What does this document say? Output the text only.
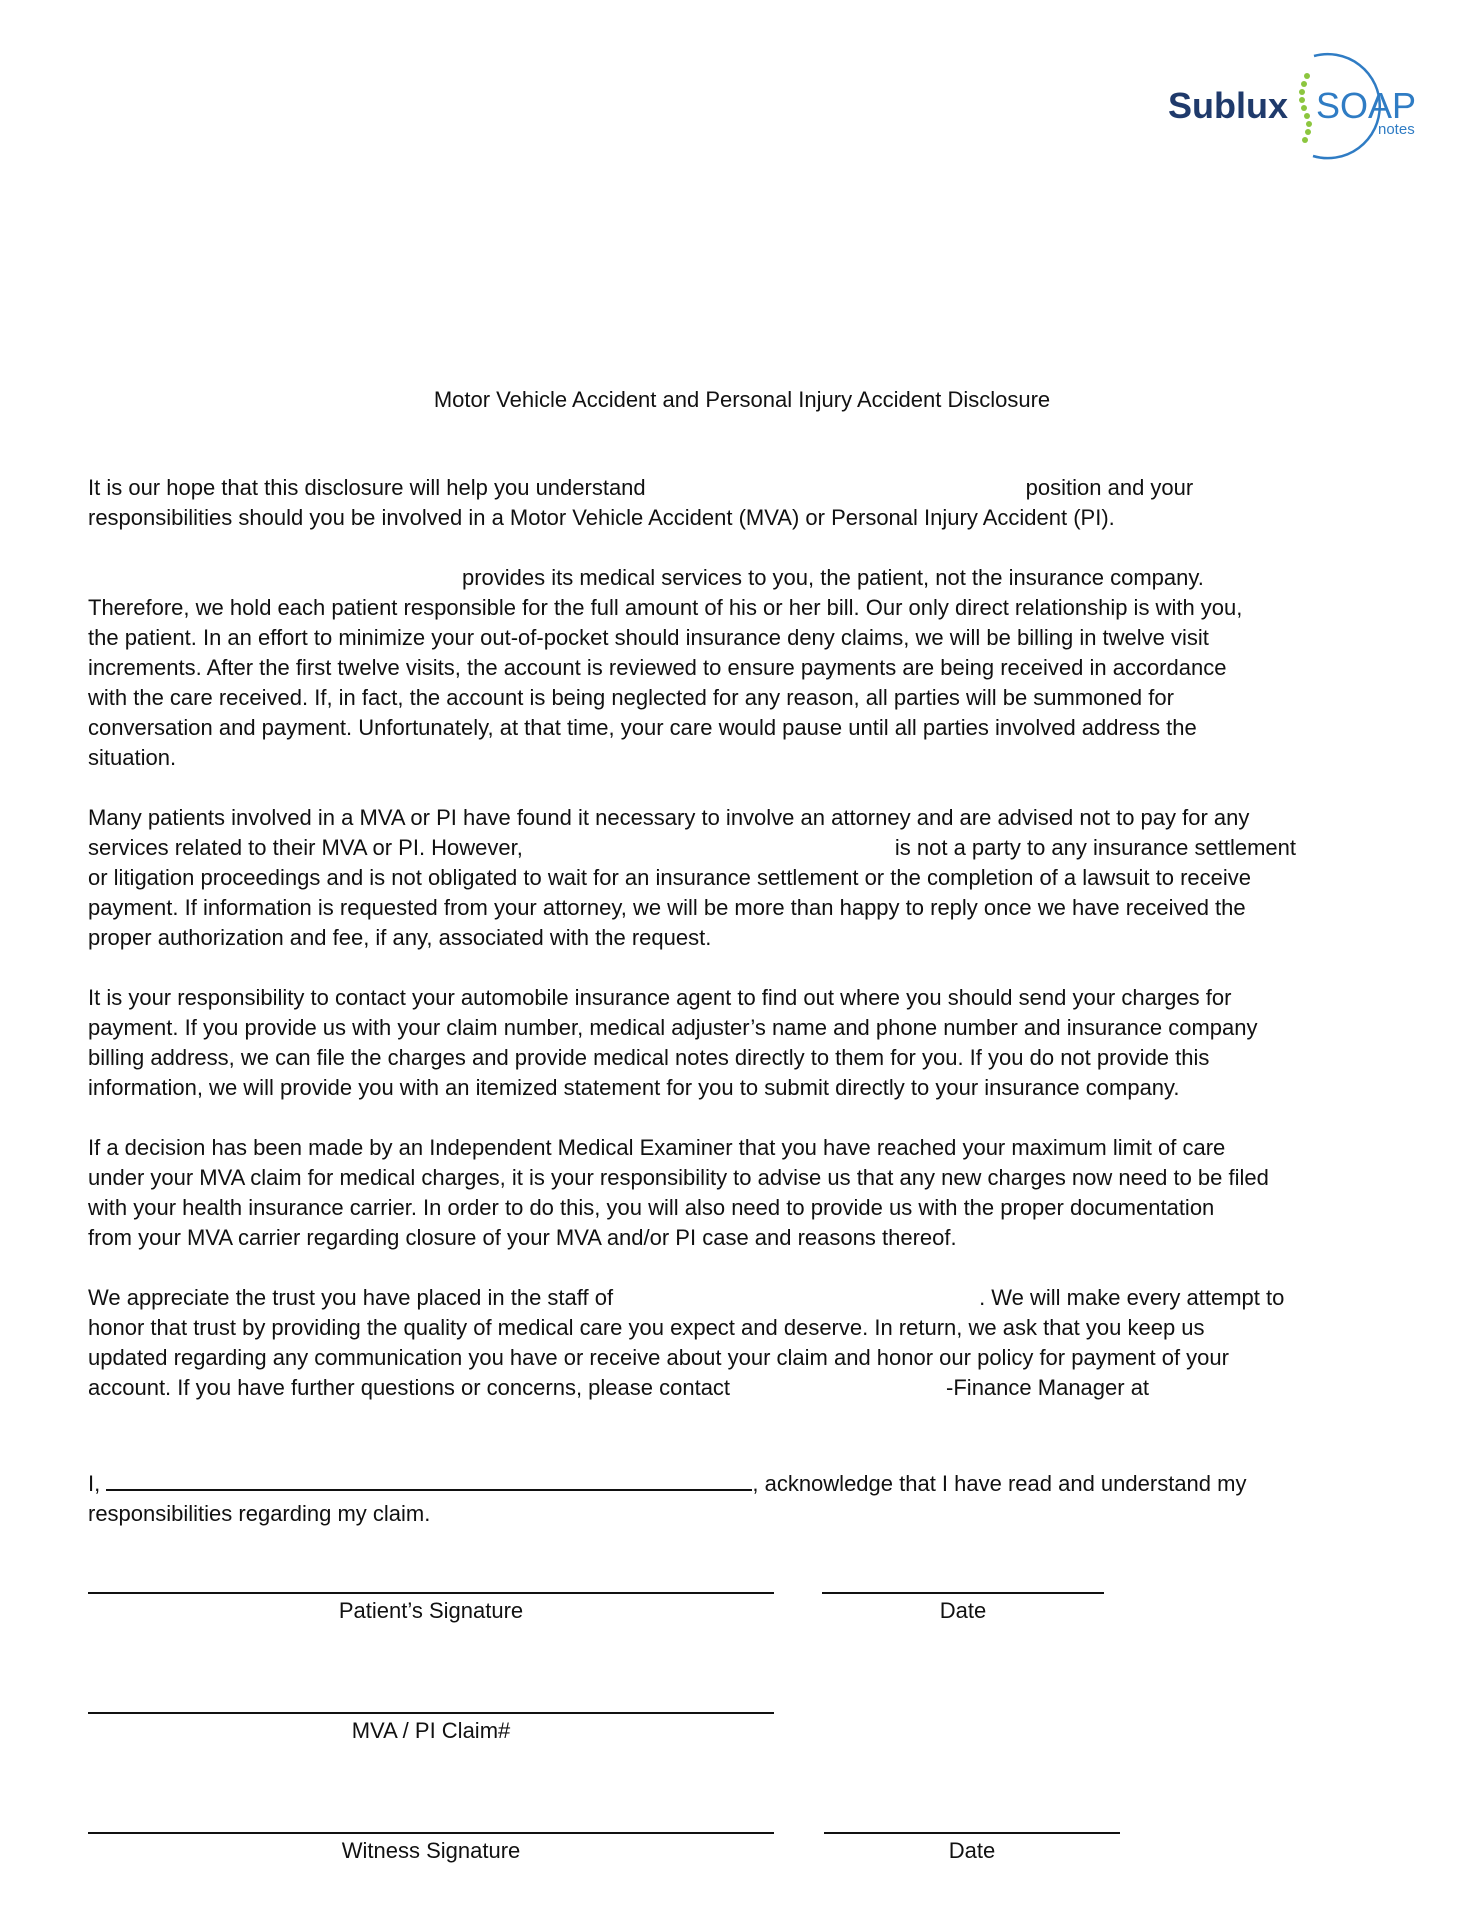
Sublux SOAP
notes
Motor Vehicle Accident and Personal Injury Accident Disclosure

It is our hope that this disclosure will help you understand	position and your
responsibilities should you be involved in a Motor Vehicle Accident (MVA) or Personal Injury Accident (PI).

provides its medical services to you, the patient, not the insurance company.
Therefore, we hold each patient responsible for the full amount of his or her bill. Our only direct relationship is with you,
the patient. In an effort to minimize your out-of-pocket should insurance deny claims, we will be billing in twelve visit
increments. After the first twelve visits, the account is reviewed to ensure payments are being received in accordance
with the care received. If, in fact, the account is being neglected for any reason, all parties will be summoned for
conversation and payment. Unfortunately, at that time, your care would pause until all parties involved address the
situation.

Many patients involved in a MVA or PI have found it necessary to involve an attorney and are advised not to pay for any
services related to their MVA or PI. However,	is not a party to any insurance settlement
or litigation proceedings and is not obligated to wait for an insurance settlement or the completion of a lawsuit to receive
payment. If information is requested from your attorney, we will be more than happy to reply once we have received the
proper authorization and fee, if any, associated with the request.

It is your responsibility to contact your automobile insurance agent to find out where you should send your charges for
payment. If you provide us with your claim number, medical adjuster’s name and phone number and insurance company
billing address, we can file the charges and provide medical notes directly to them for you. If you do not provide this
information, we will provide you with an itemized statement for you to submit directly to your insurance company.

If a decision has been made by an Independent Medical Examiner that you have reached your maximum limit of care
under your MVA claim for medical charges, it is your responsibility to advise us that any new charges now need to be filed
with your health insurance carrier. In order to do this, you will also need to provide us with the proper documentation
from your MVA carrier regarding closure of your MVA and/or PI case and reasons thereof.

We appreciate the trust you have placed in the staff of	. We will make every attempt to
honor that trust by providing the quality of medical care you expect and deserve. In return, we ask that you keep us
updated regarding any communication you have or receive about your claim and honor our policy for payment of your
account. If you have further questions or concerns, please contact	-Finance Manager at

I,	, acknowledge that I have read and understand my
responsibilities regarding my claim.
Patient’s Signature	Date
MVA / PI Claim#
Witness Signature	Date
